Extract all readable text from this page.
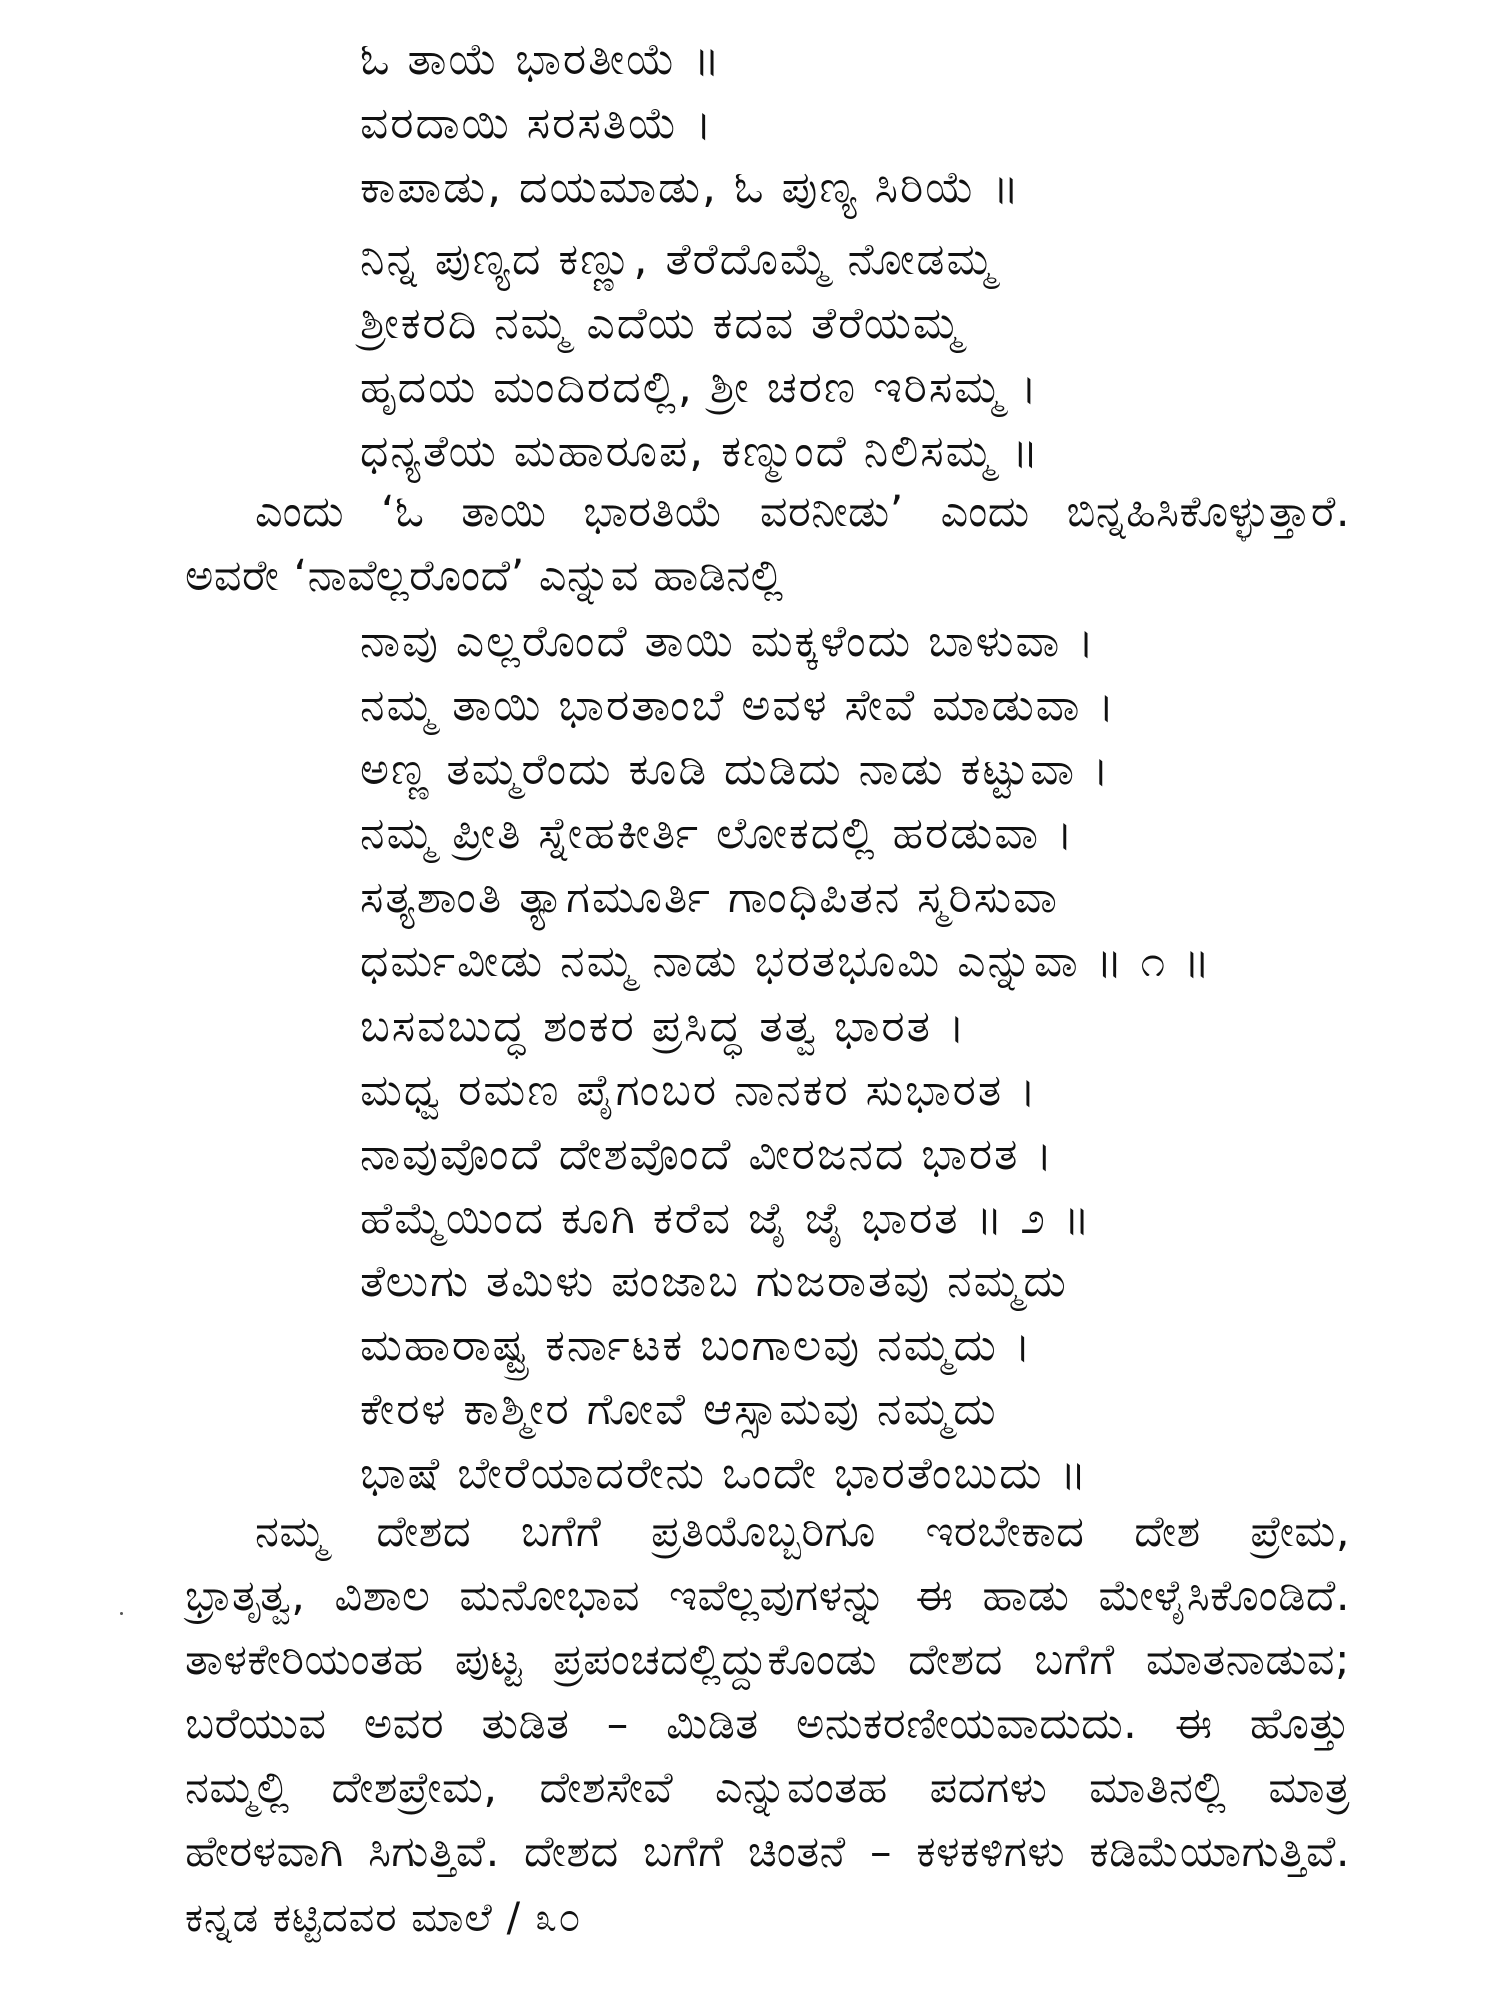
ಓ ತಾಯೆ ಭಾರತೀಯೆ ॥
ವರದಾಯಿ ಸರಸತಿಯೆ ।
ಕಾಪಾಡು, ದಯಮಾಡು, ಓ ಪುಣ್ಯ ಸಿರಿಯೆ ॥
ನಿನ್ನ ಪುಣ್ಯದ ಕಣ್ಣು, ತೆರೆದೊಮ್ಮೆ ನೋಡಮ್ಮ
ಶ್ರೀಕರದಿ ನಮ್ಮ ಎದೆಯ ಕದವ ತೆರೆಯಮ್ಮ
ಹೃದಯ ಮಂದಿರದಲ್ಲಿ, ಶ್ರೀ ಚರಣ ಇರಿಸಮ್ಮ ।
ಧನ್ಯತೆಯ ಮಹಾರೂಪ, ಕಣ್ಮುಂದೆ ನಿಲಿಸಮ್ಮ ॥
ಎಂದು ‘ಓ ತಾಯಿ ಭಾರತಿಯೆ ವರನೀಡು’ ಎಂದು ಬಿನ್ನಹಿಸಿಕೊಳ್ಳುತ್ತಾರೆ.
ಅವರೇ ‘ನಾವೆಲ್ಲರೊಂದೆ’ ಎನ್ನುವ ಹಾಡಿನಲ್ಲಿ
ನಾವು ಎಲ್ಲರೊಂದೆ ತಾಯಿ ಮಕ್ಕಳೆಂದು ಬಾಳುವಾ ।
ನಮ್ಮ ತಾಯಿ ಭಾರತಾಂಬೆ ಅವಳ ಸೇವೆ ಮಾಡುವಾ ।
ಅಣ್ಣ ತಮ್ಮರೆಂದು ಕೂಡಿ ದುಡಿದು ನಾಡು ಕಟ್ಟುವಾ ।
ನಮ್ಮ ಪ್ರೀತಿ ಸ್ನೇಹಕೀರ್ತಿ ಲೋಕದಲ್ಲಿ ಹರಡುವಾ ।
ಸತ್ಯಶಾಂತಿ ತ್ಯಾಗಮೂರ್ತಿ ಗಾಂಧಿಪಿತನ ಸ್ಮರಿಸುವಾ
ಧರ್ಮವೀಡು ನಮ್ಮ ನಾಡು ಭರತಭೂಮಿ ಎನ್ನುವಾ ॥ ೧ ॥
ಬಸವಬುದ್ಧ ಶಂಕರ ಪ್ರಸಿದ್ಧ ತತ್ವ ಭಾರತ ।
ಮಧ್ವ ರಮಣ ಪೈಗಂಬರ ನಾನಕರ ಸುಭಾರತ ।
ನಾವುವೊಂದೆ ದೇಶವೊಂದೆ ವೀರಜನದ ಭಾರತ ।
ಹೆಮ್ಮೆಯಿಂದ ಕೂಗಿ ಕರೆವ ಜೈ ಜೈ ಭಾರತ ॥ ೨ ॥
ತೆಲುಗು ತಮಿಳು ಪಂಜಾಬ ಗುಜರಾತವು ನಮ್ಮದು
ಮಹಾರಾಷ್ಟ್ರ ಕರ್ನಾಟಕ ಬಂಗಾಲವು ನಮ್ಮದು ।
ಕೇರಳ ಕಾಶ್ಮೀರ ಗೋವೆ ಆಸ್ಸಾಮವು ನಮ್ಮದು
ಭಾಷೆ ಬೇರೆಯಾದರೇನು ಒಂದೇ ಭಾರತೆಂಬುದು ॥
ನಮ್ಮ ದೇಶದ ಬಗೆಗೆ ಪ್ರತಿಯೊಬ್ಬರಿಗೂ ಇರಬೇಕಾದ ದೇಶ ಪ್ರೇಮ,
ಭ್ರಾತೃತ್ವ, ವಿಶಾಲ ಮನೋಭಾವ ಇವೆಲ್ಲವುಗಳನ್ನು ಈ ಹಾಡು ಮೇಳೈಸಿಕೊಂಡಿದೆ.
ತಾಳಕೇರಿಯಂತಹ ಪುಟ್ಟ ಪ್ರಪಂಚದಲ್ಲಿದ್ದುಕೊಂಡು ದೇಶದ ಬಗೆಗೆ ಮಾತನಾಡುವ;
ಬರೆಯುವ ಅವರ ತುಡಿತ – ಮಿಡಿತ ಅನುಕರಣೀಯವಾದುದು. ಈ ಹೊತ್ತು
ನಮ್ಮಲ್ಲಿ ದೇಶಪ್ರೇಮ, ದೇಶಸೇವೆ ಎನ್ನುವಂತಹ ಪದಗಳು ಮಾತಿನಲ್ಲಿ ಮಾತ್ರ
ಹೇರಳವಾಗಿ ಸಿಗುತ್ತಿವೆ. ದೇಶದ ಬಗೆಗೆ ಚಿಂತನೆ – ಕಳಕಳಿಗಳು ಕಡಿಮೆಯಾಗುತ್ತಿವೆ.
ಕನ್ನಡ ಕಟ್ಟಿದವರ ಮಾಲೆ / ೩೦
